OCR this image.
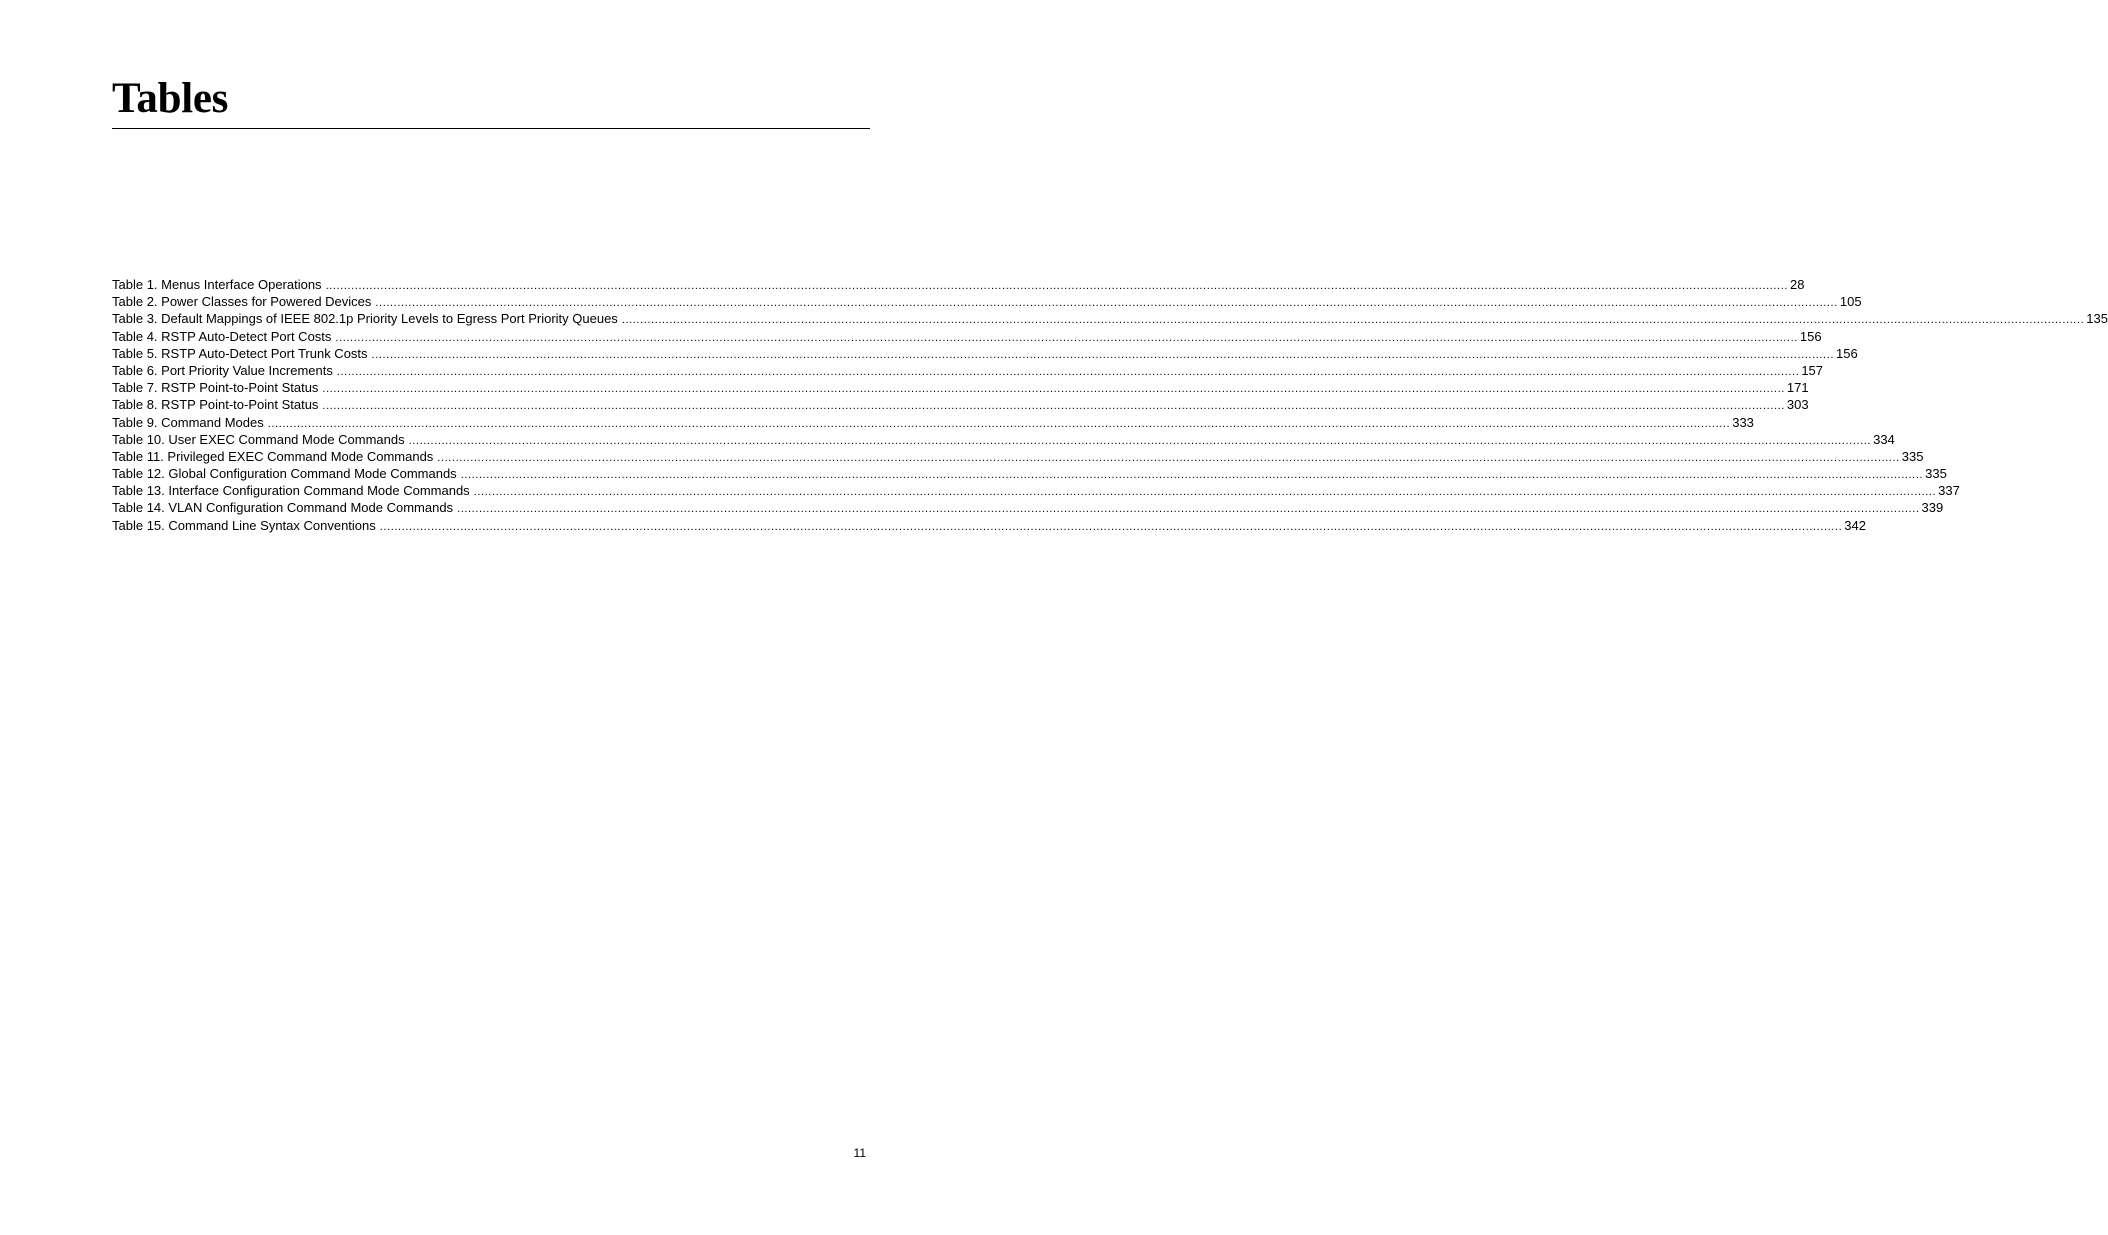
Tables
Table 1. Menus Interface Operations ................................................................................................................................................................................................................................................................................................................................................................................................................ 28
Table 2. Power Classes for Powered Devices ................................................................................................................................................................................................................................................................................................................................................................................................................ 105
Table 3. Default Mappings of IEEE 802.1p Priority Levels to Egress Port Priority Queues ................................................................................................................................................................................................................................................................................................................................................................................................................ 135
Table 4. RSTP Auto-Detect Port Costs ................................................................................................................................................................................................................................................................................................................................................................................................................ 156
Table 5. RSTP Auto-Detect Port Trunk Costs ................................................................................................................................................................................................................................................................................................................................................................................................................ 156
Table 6. Port Priority Value Increments ................................................................................................................................................................................................................................................................................................................................................................................................................ 157
Table 7. RSTP Point-to-Point Status ................................................................................................................................................................................................................................................................................................................................................................................................................ 171
Table 8. RSTP Point-to-Point Status ................................................................................................................................................................................................................................................................................................................................................................................................................ 303
Table 9. Command Modes ................................................................................................................................................................................................................................................................................................................................................................................................................ 333
Table 10. User EXEC Command Mode Commands ................................................................................................................................................................................................................................................................................................................................................................................................................ 334
Table 11. Privileged EXEC Command Mode Commands ................................................................................................................................................................................................................................................................................................................................................................................................................ 335
Table 12. Global Configuration Command Mode Commands ................................................................................................................................................................................................................................................................................................................................................................................................................ 335
Table 13. Interface Configuration Command Mode Commands ................................................................................................................................................................................................................................................................................................................................................................................................................ 337
Table 14. VLAN Configuration Command Mode Commands ................................................................................................................................................................................................................................................................................................................................................................................................................ 339
Table 15. Command Line Syntax Conventions ................................................................................................................................................................................................................................................................................................................................................................................................................ 342
11
